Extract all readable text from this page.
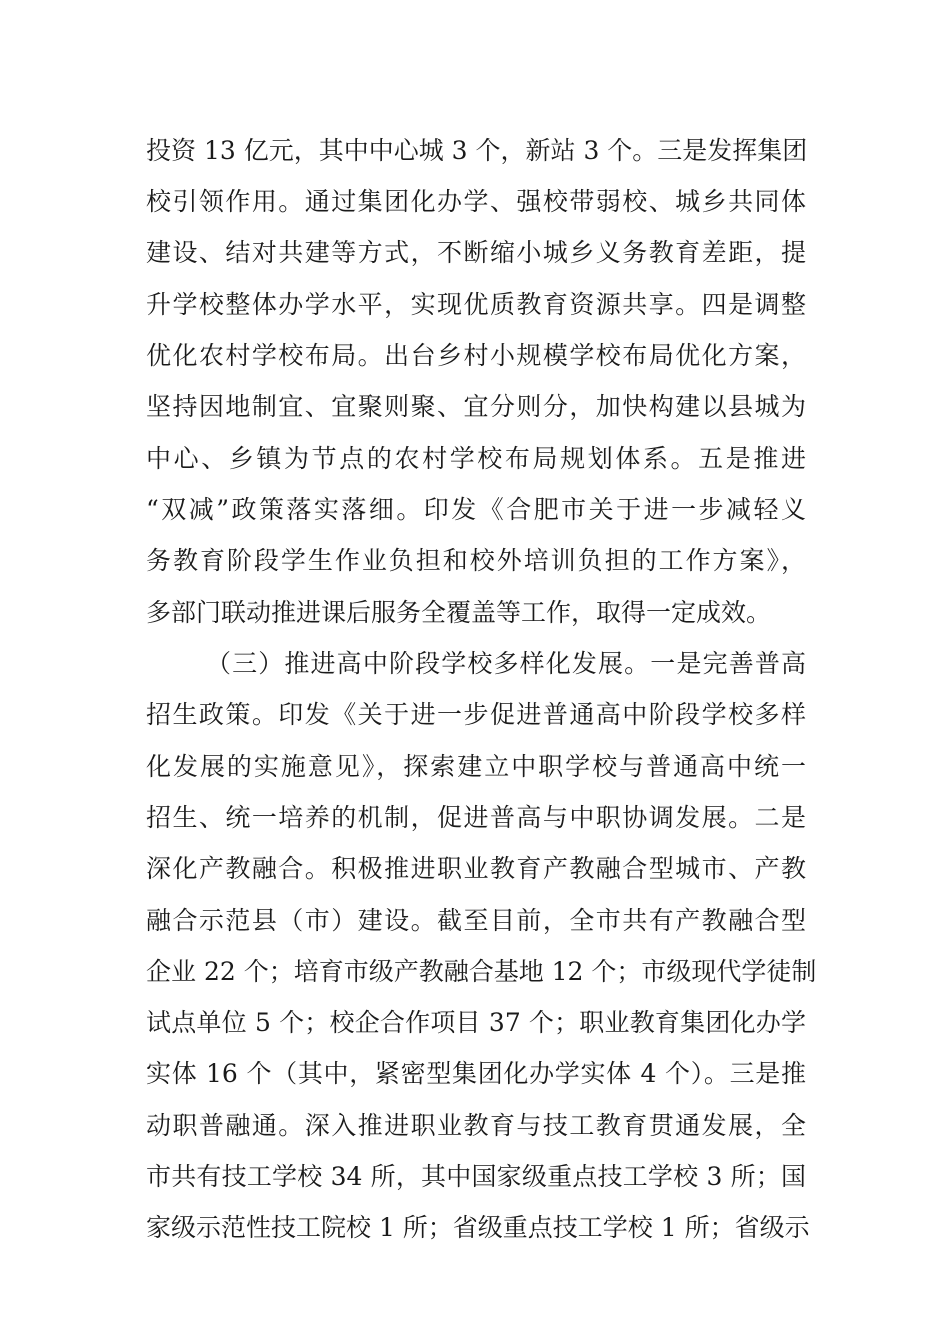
投资 13 亿元，其中中心城 3 个，新站 3 个。三是发挥集团
校引领作用。通过集团化办学、强校带弱校、城乡共同体
建设、结对共建等方式，不断缩小城乡义务教育差距，提
升学校整体办学水平，实现优质教育资源共享。四是调整
优化农村学校布局。出台乡村小规模学校布局优化方案，
坚持因地制宜、宜聚则聚、宜分则分，加快构建以县城为
中心、乡镇为节点的农村学校布局规划体系。五是推进
“双减”政策落实落细。印发《合肥市关于进一步减轻义
务教育阶段学生作业负担和校外培训负担的工作方案》，
多部门联动推进课后服务全覆盖等工作，取得一定成效。
（三）推进高中阶段学校多样化发展。一是完善普高
招生政策。印发《关于进一步促进普通高中阶段学校多样
化发展的实施意见》，探索建立中职学校与普通高中统一
招生、统一培养的机制，促进普高与中职协调发展。二是
深化产教融合。积极推进职业教育产教融合型城市、产教
融合示范县（市）建设。截至目前，全市共有产教融合型
企业 22 个；培育市级产教融合基地 12 个；市级现代学徒制
试点单位 5 个；校企合作项目 37 个；职业教育集团化办学
实体 16 个（其中，紧密型集团化办学实体 4 个）。三是推
动职普融通。深入推进职业教育与技工教育贯通发展，全
市共有技工学校 34 所，其中国家级重点技工学校 3 所；国
家级示范性技工院校 1 所；省级重点技工学校 1 所；省级示
